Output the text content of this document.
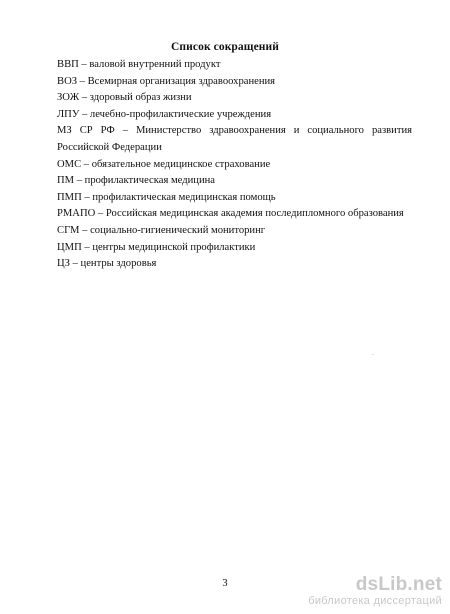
Список сокращений
ВВП – валовой внутренний продукт
ВОЗ – Всемирная организация здравоохранения
ЗОЖ – здоровый образ жизни
ЛПУ – лечебно-профилактические учреждения
МЗ СР РФ – Министерство здравоохранения и социального развития Российской Федерации
ОМС – обязательное медицинское страхование
ПМ – профилактическая медицина
ПМП – профилактическая медицинская помощь
РМАПО – Российская медицинская академия последипломного образования
СГМ – социально-гигиенический мониторинг
ЦМП – центры медицинской профилактики
ЦЗ – центры здоровья
.
3	dsLib.net
библиотека диссертаций
